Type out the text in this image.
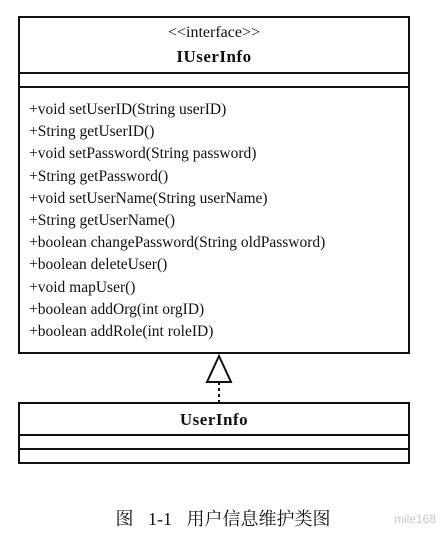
<<interface>>
IUserInfo
+void setUserID(String userID)
+String getUserID()
+void setPassword(String password)
+String getPassword()
+void setUserName(String userName)
+String getUserName()
+boolean changePassword(String oldPassword)
+boolean deleteUser()
+void mapUser()
+boolean addOrg(int orgID)
+boolean addRole(int roleID)
UserInfo
图 1-1 用户信息维护类图	mile168
